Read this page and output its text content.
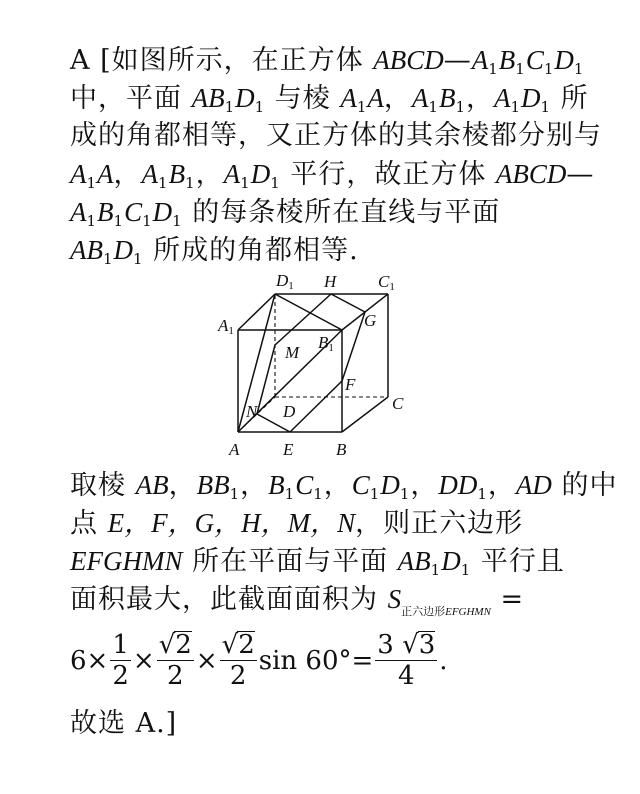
A [如图所示，在正方体 $ABCD—A_1B_1C_1D_1$
中，平面 $AB_1D_1$ 与棱 $A_1A$，$A_1B_1$，$A_1D_1$ 所
成的角都相等，又正方体的其余棱都分别与
$A_1A$，$A_1B_1$，$A_1D_1$ 平行，故正方体 ABCD—
$A_1B_1C_1D_1$ 的每条棱所在直线与平面
$AB_1D_1$ 所成的角都相等.
D1 H C1
A1
G
M
B1
F
N D	C
A	E	B
取棱 AB，$BB_1$，$B_1C_1$，$C_1D_1$，$DD_1$，AD 的中
点 E，F，G，H，M，N，则正六边形
EFGHMN 所在平面与平面 $AB_1D_1$ 平行且
面积最大，此截面面积为 $S_{正六边形EFGHMN}$ =
$6 \times \frac{1}{2} \times \frac{√2}{2} \times \frac{√2}{2}$ $\sin 60^\circ = \frac{3 √3}{4}$ .
故选 A.]
